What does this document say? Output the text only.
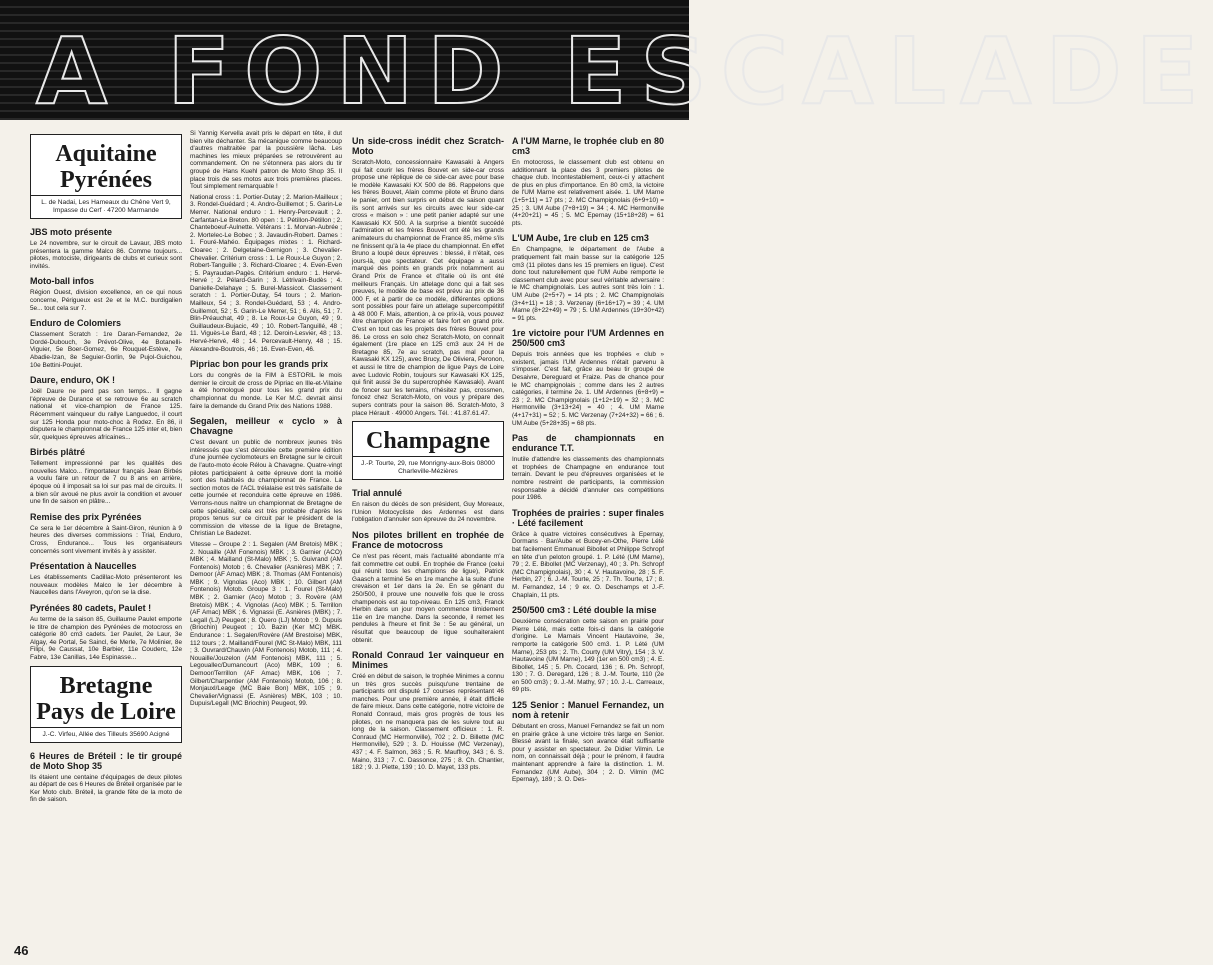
A FOND ESCALADE
Aquitaine Pyrénées
L. de Nadai, Les Hameaux du Chêne Vert 9, Impasse du Cerf · 47200 Marmande
JBS moto présente

Le 24 novembre, sur le circuit de Lavaur, JBS moto présentera la gamme Malco 86. Comme toujours... pilotes, motociste, dirigeants de clubs et curieux sont invités.

Moto-ball infos

Région Ouest, division excellence, en ce qui nous concerne, Périgueux est 2e et le M.C. burdigalien 5e... tout cela sur 7.

Enduro de Colomiers

Classement Scratch : 1re Daran-Fernandez, 2e Dordé-Dubouch, 3e Prévot-Olive, 4e Botanelli-Viguier, 5e Boer-Gomez, 6e Rouquet-Estève, 7e Abadie-Izan, 8e Seguier-Gorlin, 9e Pujol-Guichou, 10e Bettini-Poujet.

Daure, enduro, OK !

Joël Daure ne perd pas son temps... Il gagne l'épreuve de Durance et se retrouve 6e au scratch national et vice-champion de France 125. Récemment vainqueur du rallye Languedoc, il court sur 125 Honda pour moto-choc à Rodez. En 86, il disputera le championnat de France 125 inter et, bien sûr, quelques épreuves africaines...

Birbés plâtré

Tellement impressionné par les qualités des nouvelles Malco... l'importateur français Jean Birbés a voulu faire un retour de 7 ou 8 ans en arrière, époque où il imposait sa loi sur pas mal de circuits. Il a bien sûr avoué ne plus avoir la condition et avouer une fin de saison en plâtre...

Remise des prix Pyrénées

Ce sera le 1er décembre à Saint-Giron, réunion à 9 heures des diverses commissions : Trial, Enduro, Cross, Endurance... Tous les organisateurs concernés sont vivement invités à y assister.

Présentation à Naucelles

Les établissements Cadillac-Moto présenteront les nouveaux modèles Malco le 1er décembre à Naucelles dans l'Aveyron, qu'on se la dise.

Pyrénées 80 cadets, Paulet !

Au terme de la saison 85, Guillaume Paulet emporte le titre de champion des Pyrénées de motocross en catégorie 80 cm3 cadets. 1er Paulet, 2e Laur, 3e Algay, 4e Portal, 5e Saincl, 6e Merle, 7e Molinier, 8e Filipi, 9e Caussat, 10e Barbier, 11e Couderc, 12e Fabre, 13e Canillas, 14e Espinasse...

Bretagne Pays de Loire
J.-C. Virfeu, Allée des Tilleuls 35690 Acigné
6 Heures de Bréteil : le tir groupé de Moto Shop 35

Ils étaient une centaine d'équipages de deux pilotes au départ de ces 6 Heures de Bréteil organisée par le Ker Moto club. Bréteil, la grande fête de la moto de fin de saison.

Si Yannig Kervella avait pris le départ en tête, il dut bien vite déchanter. Sa mécanique comme beaucoup d'autres maltraitée par la poussière lâcha. Les machines les mieux préparées se retrouvèrent au commandement. On ne s'étonnera pas alors du tir groupé de Hans Kuehl patron de Moto Shop 35. Il place trois de ses motos aux trois premières places. Tout simplement remarquable !

National cross : 1. Portier-Dutay ; 2. Marion-Mailleux ; 3. Rondel-Guédard ; 4. Andro-Guillemot ; 5. Garin-Le Merrer. National enduro : 1. Henry-Percevault ; 2. Carfantan-Le Breton. 80 open : 1. Pétillon-Pétillon ; 2. Chanteboeuf-Aulnette. Vétérans : 1. Morvan-Aubrée ; 2. Mortelec-Le Bobec ; 3. Javaudin-Robert. Dames : 1. Fouré-Mahéo. Équipages mixtes : 1. Richard-Cloarec ; 2. Delgetaine-Gernigon ; 3. Chevalier-Chevalier. Critérium cross : 1. Le Roux-Le Guyon ; 2. Robert-Tanguille ; 3. Richard-Cloarec ; 4. Even-Even ; 5. Payraudan-Pagès. Critérium enduro : 1. Hervé-Hervé ; 2. Pélard-Garin ; 3. Létrivain-Budès ; 4. Danielle-Delahaye ; 5. Burel-Massicot. Classement scratch : 1. Portier-Dutay, 54 tours ; 2. Marion-Mailleux, 54 ; 3. Rondel-Guédard, 53 ; 4. Andro-Guillemot, 52 ; 5. Garin-Le Merrer, 51 ; 6. Alis, 51 ; 7. Blin-Préauchat, 49 ; 8. Le Roux-Le Guyon, 49 ; 9. Guillaudeux-Bujacic, 49 ; 10. Robert-Tanguillé, 48 ; 11. Viguès-Le Bard, 48 ; 12. Deroin-Lesvier, 48 ; 13. Hervé-Hervé, 48 ; 14. Percevault-Henry, 48 ; 15. Alexandre-Boutrois, 46 ; 16. Even-Even, 46.

Pipriac bon pour les grands prix

Lors du congrès de la FIM à ESTORIL le mois dernier le circuit de cross de Pipriac en Ille-et-Vilaine a été homologué pour tous les grand prix du championnat du monde. Le Ker M.C. devrait ainsi faire la demande du Grand Prix des Nations 1988.

Segalen, meilleur « cyclo » à Chavagne

C'est devant un public de nombreux jeunes très intéressés que s'est déroulée cette première édition d'une journée cyclomoteurs en Bretagne sur le circuit de l'auto-moto école Rélou à Chavagne. Quatre-vingt pilotes participaient à cette épreuve dont la moitié sont des habitués du championnat de France. La section motos de l'ACL trélalaise est très satisfaite de cette journée et reconduira cette épreuve en 1986. Verrons-nous naître un championnat de Bretagne de cette spécialité, cela est très probable d'après les propos tenus sur ce circuit par le président de la commission de vitesse de la ligue de Bretagne, Christian Le Badezet.

Vitesse – Groupe 2 : 1. Segalen (AM Bretois) MBK ; 2. Nouaille (AM Fonenois) MBK ; 3. Garnier (ACO) MBK ; 4. Mailland (St-Malo) MBK ; 5. Guivrand (AM Fontenois) Motob ; 6. Chevalier (Asnières) MBK ; 7. Demoor (AF Amac) MBK ; 8. Thomas (AM Fontenois) MBK ; 9. Vignolas (Aco) MBK ; 10. Gilbert (AM Fontenois) Motob. Groupe 3 : 1. Fourel (St-Malo) MBK ; 2. Garnier (Aco) Motob ; 3. Rovère (AM Bretois) MBK ; 4. Vignolas (Aco) MBK ; 5. Terrillon (AF Amac) MBK ; 6. Vignassi (E. Asnières (MBK) ; 7. Legall (LJ) Peugeot ; 8. Quero (LJ) Motob ; 9. Dupuis (Briochin) Peugeot ; 10. Bazin (Ker MC) MBK. Endurance : 1. Segalen/Rovère (AM Brestoise) MBK, 112 tours ; 2. Mailland/Fourel (MC St-Malo) MBK, 111 ; 3. Ouvrard/Chauvin (AM Fontenois) Motob, 111 ; 4. Nouaille/Jouzelon (AM Fontenois) MBK, 111 ; 5. Legouallec/Dumancourt (Aco) MBK, 109 ; 6. Demoor/Terrillon (AF Amac) MBK, 106 ; 7. Gilbert/Charpentier (AM Fontenois) Motob, 106 ; 8. Monjauxl/Leage (MC Baie Bon) MBK, 105 ; 9. Chevalier/Vignassi (E. Asnières) MBK, 103 ; 10. Dupuis/Legall (MC Briochin) Peugeot, 99.

Un side-cross inédit chez Scratch-Moto

Scratch-Moto, concessionnaire Kawasaki à Angers qui fait courir les frères Bouvet en side-car cross propose une réplique de ce side-car avec pour base le modèle Kawasaki KX 500 de 86. Rappelons que les frères Bouvet, Alain comme pilote et Bruno dans le panier, ont bien surpris en début de saison quant ils sont arrivés sur les circuits avec leur side-car cross « maison » : une petit panier adapté sur une Kawasaki KX 500. A la surprise a bientôt succédé l'admiration et les frères Bouvet ont été les grands animateurs du championnat de France 85, même s'ils ne finissent qu'à la 4e place du championnat. En effet Bruno a loupé deux épreuves : blessé, il n'était, ces jours-là, que spectateur. Cet équipage a aussi marqué des points en grands prix notamment au Grand Prix de France et d'Italie où ils ont été meilleurs Français. Un attelage donc qui a fait ses preuves, le modèle de base est prévu au prix de 36 000 F, et à partir de ce modèle, différentes options sont possibles pour faire un attelage supercompétitif à 48 000 F. Mais, attention, à ce prix-là, vous pouvez être champion de France et faire fort en grand prix. C'est en tout cas les projets des frères Bouvet pour 86. Le cross en solo chez Scratch-Moto, on connaît également (1re place en 125 cm3 aux 24 H de Bretagne 85, 7e au scratch, pas mal pour la Kawasaki KX 125), avec Brucy, De Oliviera, Peronon, et aussi le titre de champion de ligue Pays de Loire avec Ludovic Robin, toujours sur Kawasaki KX 125, qui finit aussi 3e du supercrophée Kawasaki). Avant de foncer sur les terrains, n'hésitez pas, crossmen, foncez chez Scratch-Moto, on vous y prépare des supers contrats pour la saison 86. Scratch-Moto, 3 place Hérault · 49000 Angers. Tél. : 41.87.61.47.

Champagne
J.-P. Tourte, 29, rue Monrigny-aux-Bois 08000 Charleville-Mézières
Trial annulé

En raison du décès de son président, Guy Moreaux, l'Union Motocycliste des Ardennes est dans l'obligation d'annuler son épreuve du 24 novembre.

Nos pilotes brillent en trophée de France de motocross

Ce n'est pas récent, mais l'actualité abondante m'a fait commettre cet oubli. En trophée de France (celui qui réunit tous les champions de ligue), Patrick Gaasch a terminé 5e en 1re manche à la suite d'une crevaison et 1er dans la 2e. En se gênant du 250/500, il prouve une nouvelle fois que le cross champenois est au top-niveau. En 125 cm3, Franck Herbin dans un jour moyen commence timidement 11e en 1re manche. Dans la seconde, il remet les pendules à l'heure et finit 3e : 5e au général, un résultat que beaucoup de ligue souhaiteraient obtenir.

Ronald Conraud 1er vainqueur en Minimes

Créé en début de saison, le trophée Minimes a connu un très gros succès puisqu'une trentaine de participants ont disputé 17 courses représentant 46 manches. Pour une première année, il était difficile de faire mieux. Dans cette catégorie, notre victoire de Ronald Conraud, mais gros progrès de tous les pilotes, on ne manquera pas de les suivre tout au long de la saison. Classement officieux : 1. R. Conraud (MC Hermonville), 702 ; 2. D. Billette (MC Hermonville), 529 ; 3. D. Houisse (MC Verzenay), 437 ; 4. F. Salmon, 363 ; 5. R. Mauffroy, 343 ; 6. S. Maino, 313 ; 7. C. Dassonce, 275 ; 8. Ch. Chantier, 182 ; 9. J. Piette, 139 ; 10. D. Mayet, 133 pts.

A l'UM Marne, le trophée club en 80 cm3

En motocross, le classement club est obtenu en additionnant la place des 3 premiers pilotes de chaque club. Incontestablement, ceux-ci y attachent de plus en plus d'importance. En 80 cm3, la victoire de l'UM Marne est relativement aisée. 1. UM Marne (1+5+11) = 17 pts ; 2. MC Champignolais (6+9+10) = 25 ; 3. UM Aube (7+8+19) = 34 ; 4. MC Hermonville (4+20+21) = 45 ; 5. MC Epernay (15+18+28) = 61 pts.

L'UM Aube, 1re club en 125 cm3

En Champagne, le département de l'Aube a pratiquement fait main basse sur la catégorie 125 cm3 (11 pilotes dans les 15 premiers en ligue). C'est donc tout naturellement que l'UM Aube remporte le classement club avec pour seul véritable adversaire : le MC champignolais. Les autres sont très loin : 1. UM Aube (2+5+7) = 14 pts ; 2. MC Champignolais (3+4+11) = 18 ; 3. Verzenay (6+16+17) = 39 ; 4. UM Marne (8+22+49) = 79 ; 5. UM Ardennes (19+30+42) = 91 pts.

1re victoire pour l'UM Ardennes en 250/500 cm3

Depuis trois années que les trophées « club » existent, jamais l'UM Ardennes n'était parvenu à s'imposer. C'est fait, grâce au beau tir groupé de Desaivre, Dereguard et Fraize. Pas de chance pour le MC champignolais ; comme dans les 2 autres catégories, il termine 2e. 1. UM Ardennes (6+8+9) = 23 ; 2. MC Champignolais (1+12+19) = 32 ; 3. MC Hermonville (3+13+24) = 40 ; 4. UM Marne (4+17+31) = 52 ; 5. MC Verzenay (7+24+32) = 66 ; 6. UM Aube (5+28+35) = 68 pts.

Pas de championnats en endurance T.T.

Inutile d'attendre les classements des championnats et trophées de Champagne en endurance tout terrain. Devant le peu d'épreuves organisées et le nombre restreint de participants, la commission responsable a décidé d'annuler ces compétitions pour 1986.

Trophées de prairies : super finales · Lété facilement

Grâce à quatre victoires consécutives à Epernay, Dormans · Bar/Aube et Bucey-en-Othe, Pierre Lété bat facilement Emmanuel Bibollet et Philippe Schropf en tête d'un peloton groupé. 1. P. Lété (UM Marne), 79 ; 2. E. Bibollet (MC Verzenay), 40 ; 3. Ph. Schropf (MC Champignolais), 30 ; 4. V. Hautavoine, 28 ; 5. F. Herbin, 27 ; 6. J.-M. Tourte, 25 ; 7. Th. Tourte, 17 ; 8. M. Fernandez, 14 ; 9 ex. O. Deschamps et J.-F. Chaplain, 11 pts.

250/500 cm3 : Lété double la mise

Deuxième consécration cette saison en prairie pour Pierre Lété, mais cette fois-ci dans la catégorie d'origine. Le Marnais Vincent Hautavoine, 3e, remporte la catégorie 500 cm3. 1. P. Lété (UM Marne), 253 pts ; 2. Th. Courty (UM Vitry), 154 ; 3. V. Hautavoine (UM Marne), 149 (1er en 500 cm3) ; 4. E. Bibollet, 145 ; 5. Ph. Cocard, 136 ; 6. Ph. Schropf, 130 ; 7. G. Deregard, 126 ; 8. J.-M. Tourte, 110 (2e en 500 cm3) ; 9. J.-M. Mathy, 97 ; 10. J.-L. Carreaux, 69 pts.

125 Senior : Manuel Fernandez, un nom à retenir

Débutant en cross, Manuel Fernandez se fait un nom en prairie grâce à une victoire très large en Senior. Blessé avant la finale, son avance était suffisante pour y assister en spectateur. 2e Didier Vilmin. Le nom, on connaissait déjà ; pour le prénom, il faudra maintenant apprendre à faire la distinction. 1. M. Fernandez (UM Aube), 304 ; 2. D. Vilmin (MC Epernay), 189 ; 3. O. Des-

46
